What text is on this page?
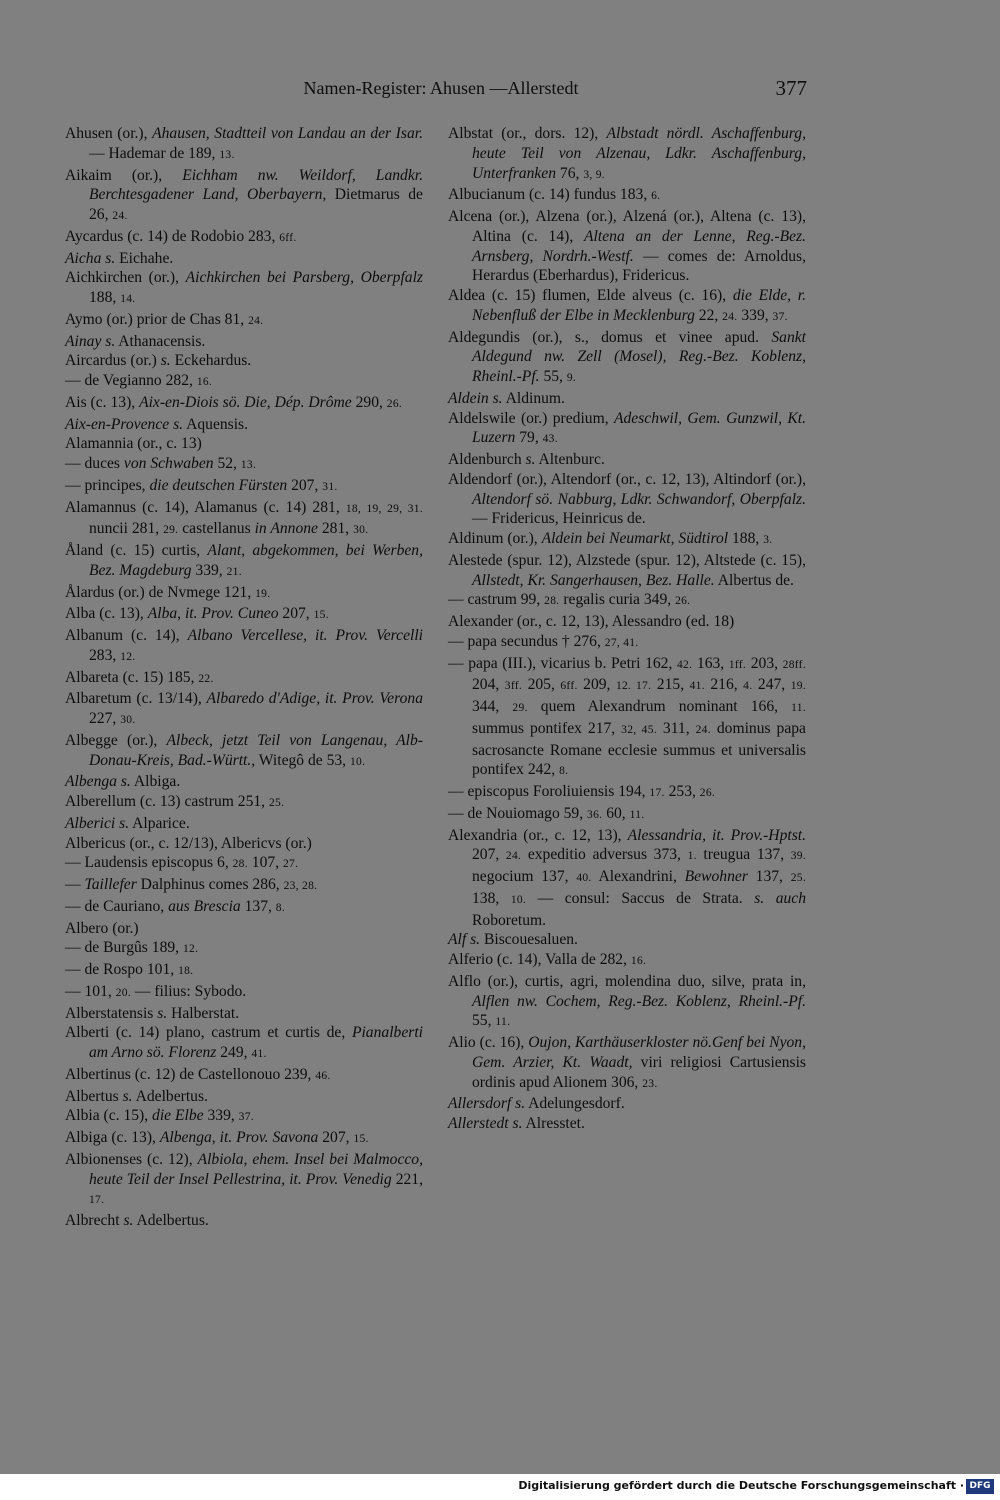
Namen-Register: Ahusen —Allerstedt	377
Ahusen (or.), Ahausen, Stadtteil von Landau an der Isar. — Hademar de 189, 13.
Aikaim (or.), Eichham nw. Weildorf, Landkr. Berchtesgadener Land, Oberbayern, Dietmarus de 26, 24.
Aycardus (c. 14) de Rodobio 283, 6ff.
Aicha s. Eichahe.
Aichkirchen (or.), Aichkirchen bei Parsberg, Oberpfalz 188, 14.
Aymo (or.) prior de Chas 81, 24.
Ainay s. Athanacensis.
Aircardus (or.) s. Eckehardus.
— de Vegianno 282, 16.
Ais (c. 13), Aix-en-Diois sö. Die, Dép. Drôme 290, 26.
Aix-en-Provence s. Aquensis.
Alamannia (or., c. 13)
— duces von Schwaben 52, 13.
— principes, die deutschen Fürsten 207, 31.
Alamannus (c. 14), Alamanus (c. 14) 281, 18, 19, 29, 31. nuncii 281, 29. castellanus in Annone 281, 30.
Åland (c. 15) curtis, Alant, abgekommen, bei Werben, Bez. Magdeburg 339, 21.
Ålardus (or.) de Nvmege 121, 19.
Alba (c. 13), Alba, it. Prov. Cuneo 207, 15.
Albanum (c. 14), Albano Vercellese, it. Prov. Vercelli 283, 12.
Albareta (c. 15) 185, 22.
Albaretum (c. 13/14), Albaredo d'Adige, it. Prov. Verona 227, 30.
Albegge (or.), Albeck, jetzt Teil von Langenau, Alb-Donau-Kreis, Bad.-Württ., Witegô de 53, 10.
Albenga s. Albiga.
Alberellum (c. 13) castrum 251, 25.
Alberici s. Alparice.
Albericus (or., c. 12/13), Albericvs (or.)
— Laudensis episcopus 6, 28. 107, 27.
— Taillefer Dalphinus comes 286, 23, 28.
— de Cauriano, aus Brescia 137, 8.
Albero (or.)
— de Burgûs 189, 12.
— de Rospo 101, 18.
— 101, 20. — filius: Sybodo.
Alberstatensis s. Halberstat.
Alberti (c. 14) plano, castrum et curtis de, Pianalberti am Arno sö. Florenz 249, 41.
Albertinus (c. 12) de Castellonouo 239, 46.
Albertus s. Adelbertus.
Albia (c. 15), die Elbe 339, 37.
Albiga (c. 13), Albenga, it. Prov. Savona 207, 15.
Albionenses (c. 12), Albiola, ehem. Insel bei Malmocco, heute Teil der Insel Pellestrina, it. Prov. Venedig 221, 17.
Albrecht s. Adelbertus.
Albstat (or., dors. 12), Albstadt nördl. Aschaffenburg, heute Teil von Alzenau, Ldkr. Aschaffenburg, Unterfranken 76, 3, 9.
Albucianum (c. 14) fundus 183, 6.
Alcena (or.), Alzena (or.), Alzená (or.), Altena (c. 13), Altina (c. 14), Altena an der Lenne, Reg.-Bez. Arnsberg, Nordrh.-Westf. — comes de: Arnoldus, Herardus (Eberhardus), Fridericus.
Aldea (c. 15) flumen, Elde alveus (c. 16), die Elde, r. Nebenfluß der Elbe in Mecklenburg 22, 24. 339, 37.
Aldegundis (or.), s., domus et vinee apud. Sankt Aldegund nw. Zell (Mosel), Reg.-Bez. Koblenz, Rheinl.-Pf. 55, 9.
Aldein s. Aldinum.
Aldelswile (or.) predium, Adeschwil, Gem. Gunzwil, Kt. Luzern 79, 43.
Aldenburch s. Altenburc.
Aldendorf (or.), Altendorf (or., c. 12, 13), Altindorf (or.), Altendorf sö. Nabburg, Ldkr. Schwandorf, Oberpfalz. — Fridericus, Heinricus de.
Aldinum (or.), Aldein bei Neumarkt, Südtirol 188, 3.
Alestede (spur. 12), Alzstede (spur. 12), Altstede (c. 15), Allstedt, Kr. Sangerhausen, Bez. Halle. Albertus de.
— castrum 99, 28. regalis curia 349, 26.
Alexander (or., c. 12, 13), Alessandro (ed. 18)
— papa secundus † 276, 27, 41.
— papa (III.), vicarius b. Petri 162, 42. 163, 1ff. 203, 28ff. 204, 3ff. 205, 6ff. 209, 12. 17. 215, 41. 216, 4. 247, 19. 344, 29. quem Alexandrum nominant 166, 11. summus pontifex 217, 32, 45. 311, 24. dominus papa sacrosancte Romane ecclesie summus et universalis pontifex 242, 8.
— episcopus Foroliuiensis 194, 17. 253, 26.
— de Nouiomago 59, 36. 60, 11.
Alexandria (or., c. 12, 13), Alessandria, it. Prov.-Hptst. 207, 24. expeditio adversus 373, 1. treugua 137, 39. negocium 137, 40. Alexandrini, Bewohner 137, 25. 138, 10. — consul: Saccus de Strata. s. auch Roboretum.
Alf s. Biscouesaluen.
Alferio (c. 14), Valla de 282, 16.
Alflo (or.), curtis, agri, molendina duo, silve, prata in, Alflen nw. Cochem, Reg.-Bez. Koblenz, Rheinl.-Pf. 55, 11.
Alio (c. 16), Oujon, Karthäuserkloster nö.Genf bei Nyon, Gem. Arzier, Kt. Waadt, viri religiosi Cartusiensis ordinis apud Alionem 306, 23.
Allersdorf s. Adelungesdorf.
Allerstedt s. Alresstet.
Digitalisierung gefördert durch die Deutsche Forschungsgemeinschaft · DFG
